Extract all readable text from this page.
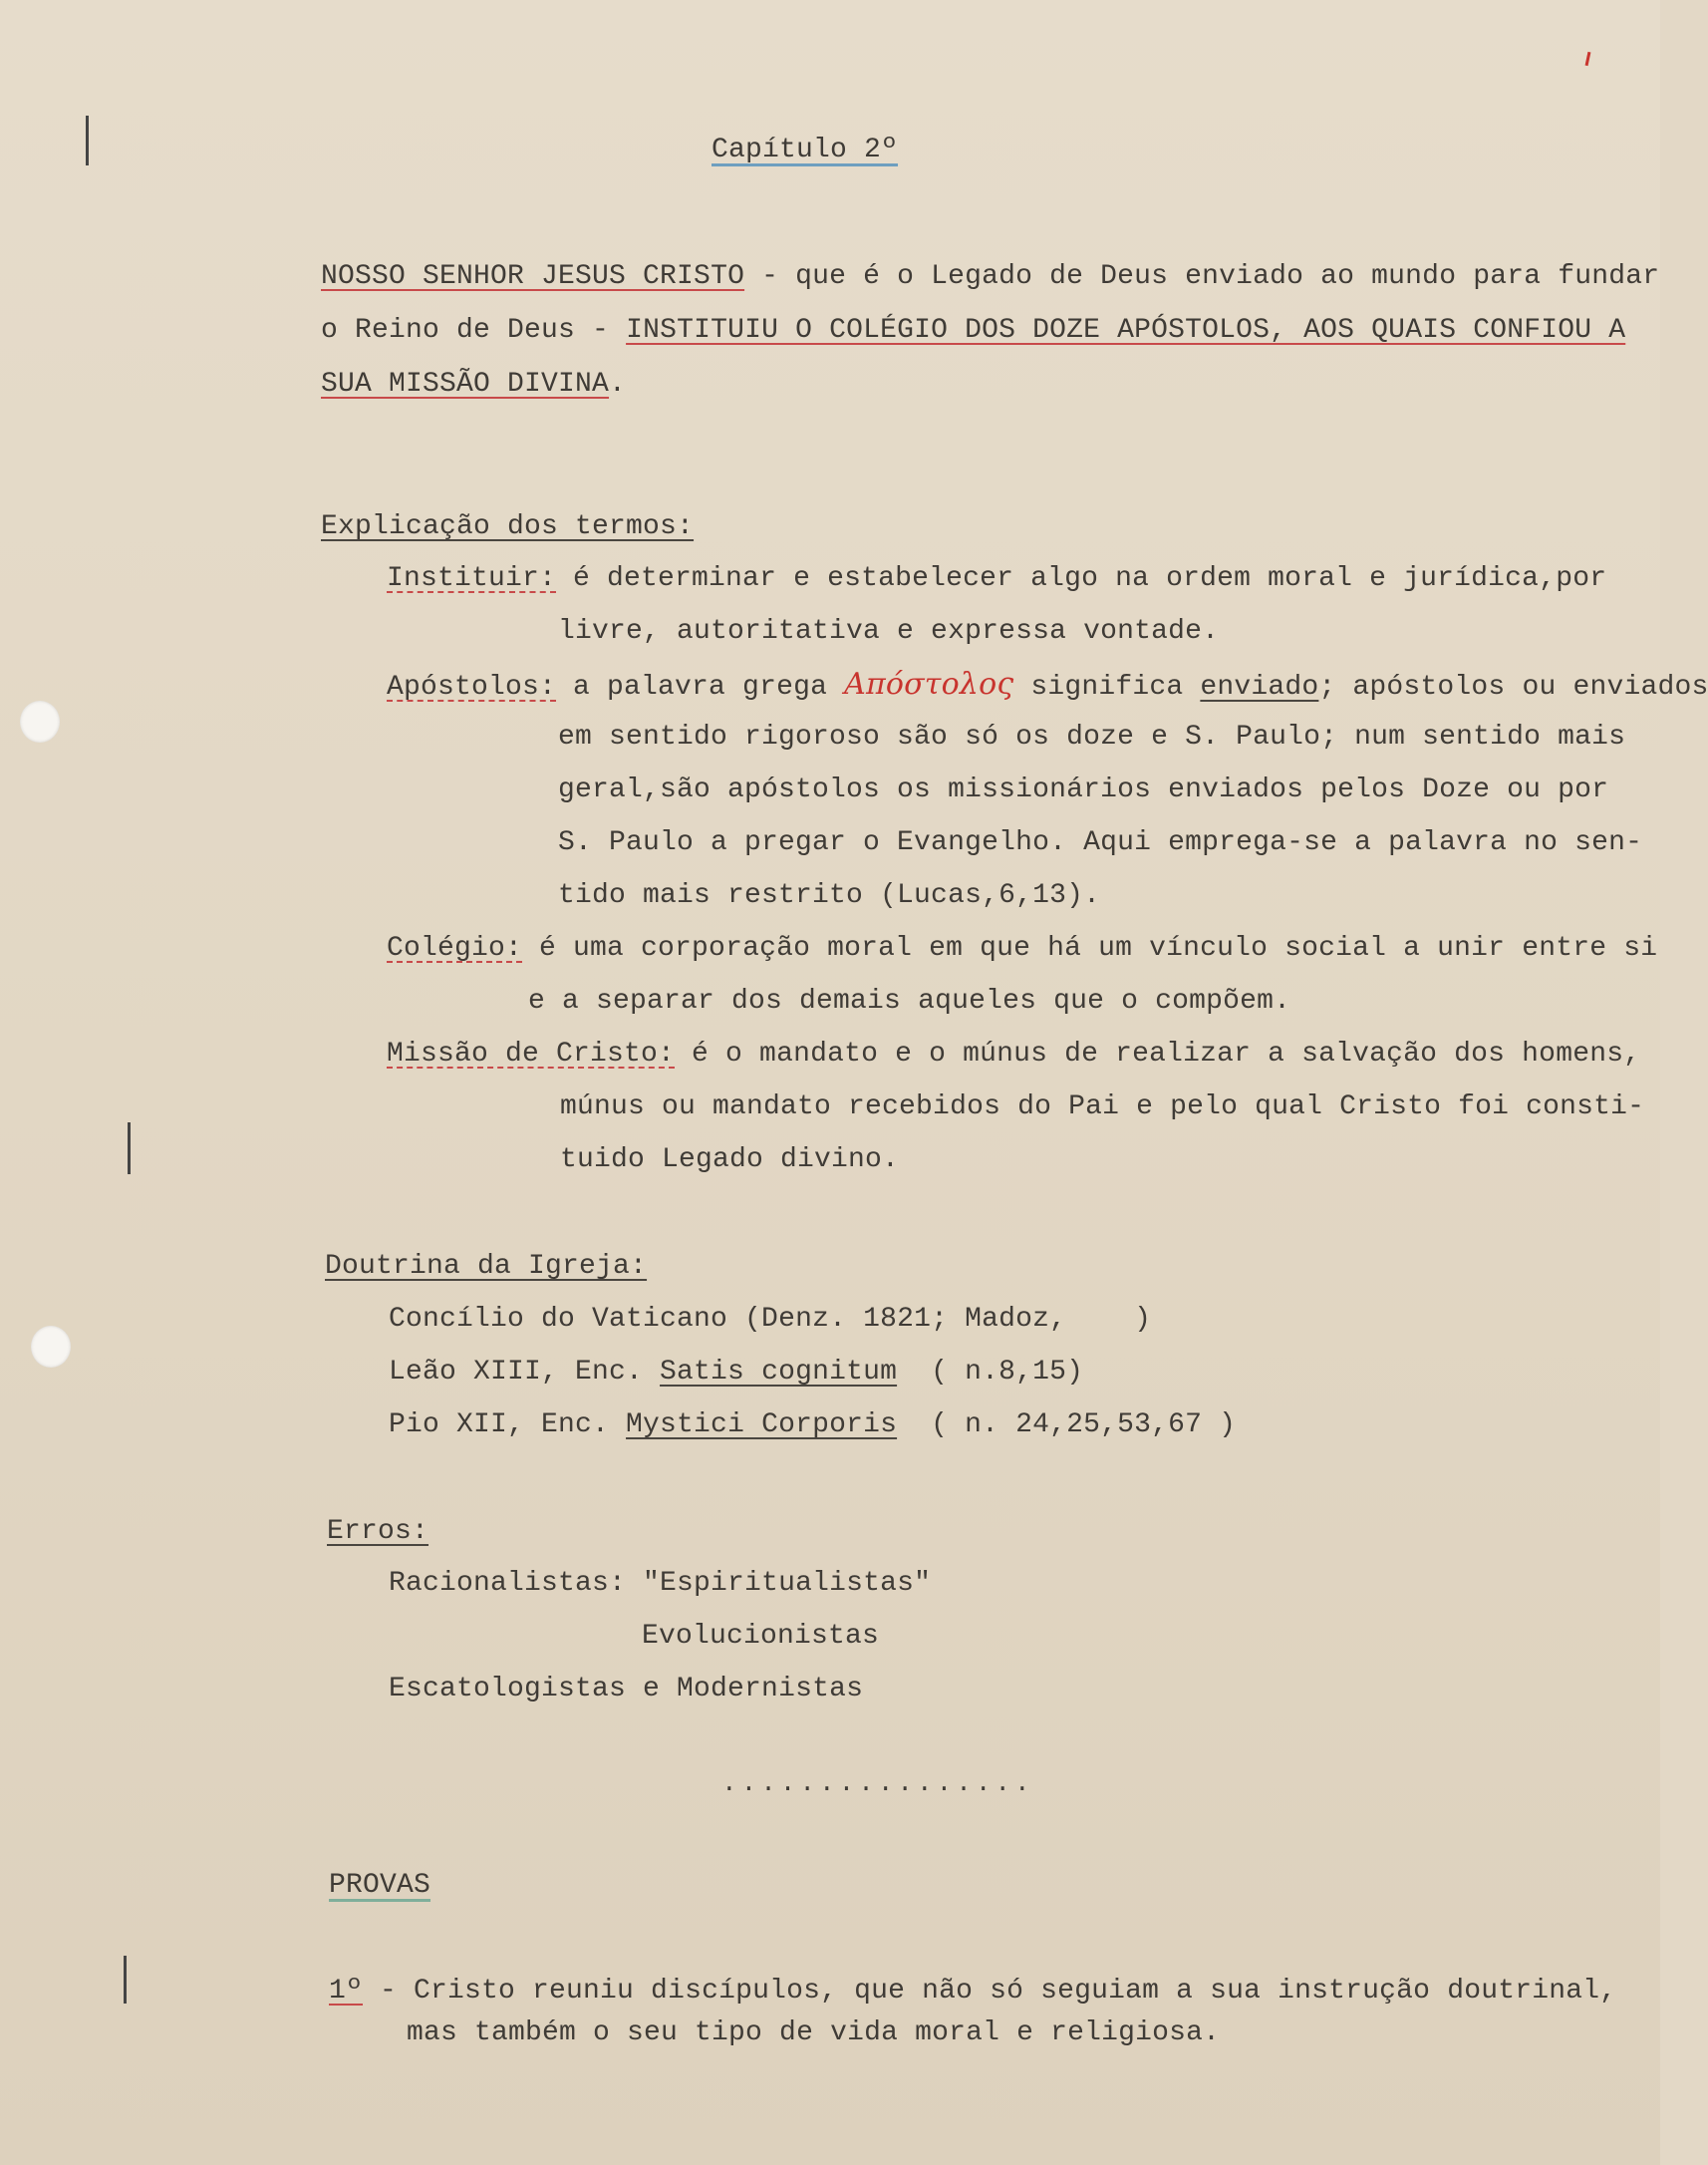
Capítulo 2º
NOSSO SENHOR JESUS CRISTO - que é o Legado de Deus enviado ao mundo para fundar
o Reino de Deus - INSTITUIU O COLÉGIO DOS DOZE APÓSTOLOS, AOS QUAIS CONFIOU A
SUA MISSÃO DIVINA.
Explicação dos termos:
Instituir: é determinar e estabelecer algo na ordem moral e jurídica,por
livre, autoritativa e expressa vontade.
Apóstolos: a palavra grega Απόστολος significa enviado; apóstolos ou enviados
em sentido rigoroso são só os doze e S. Paulo; num sentido mais
geral,são apóstolos os missionários enviados pelos Doze ou por
S. Paulo a pregar o Evangelho. Aqui emprega-se a palavra no sen-
tido mais restrito (Lucas,6,13).
Colégio: é uma corporação moral em que há um vínculo social a unir entre si
e a separar dos demais aqueles que o compõem.
Missão de Cristo: é o mandato e o múnus de realizar a salvação dos homens,
múnus ou mandato recebidos do Pai e pelo qual Cristo foi consti-
tuido Legado divino.
Doutrina da Igreja:
Concílio do Vaticano (Denz. 1821; Madoz,    )
Leão XIII, Enc. Satis cognitum  ( n.8,15)
Pio XII, Enc. Mystici Corporis  ( n. 24,25,53,67 )
Erros:
Racionalistas: "Espiritualistas"
Evolucionistas
Escatologistas e Modernistas
................
PROVAS
1º - Cristo reuniu discípulos, que não só seguiam a sua instrução doutrinal,
mas também o seu tipo de vida moral e religiosa.
